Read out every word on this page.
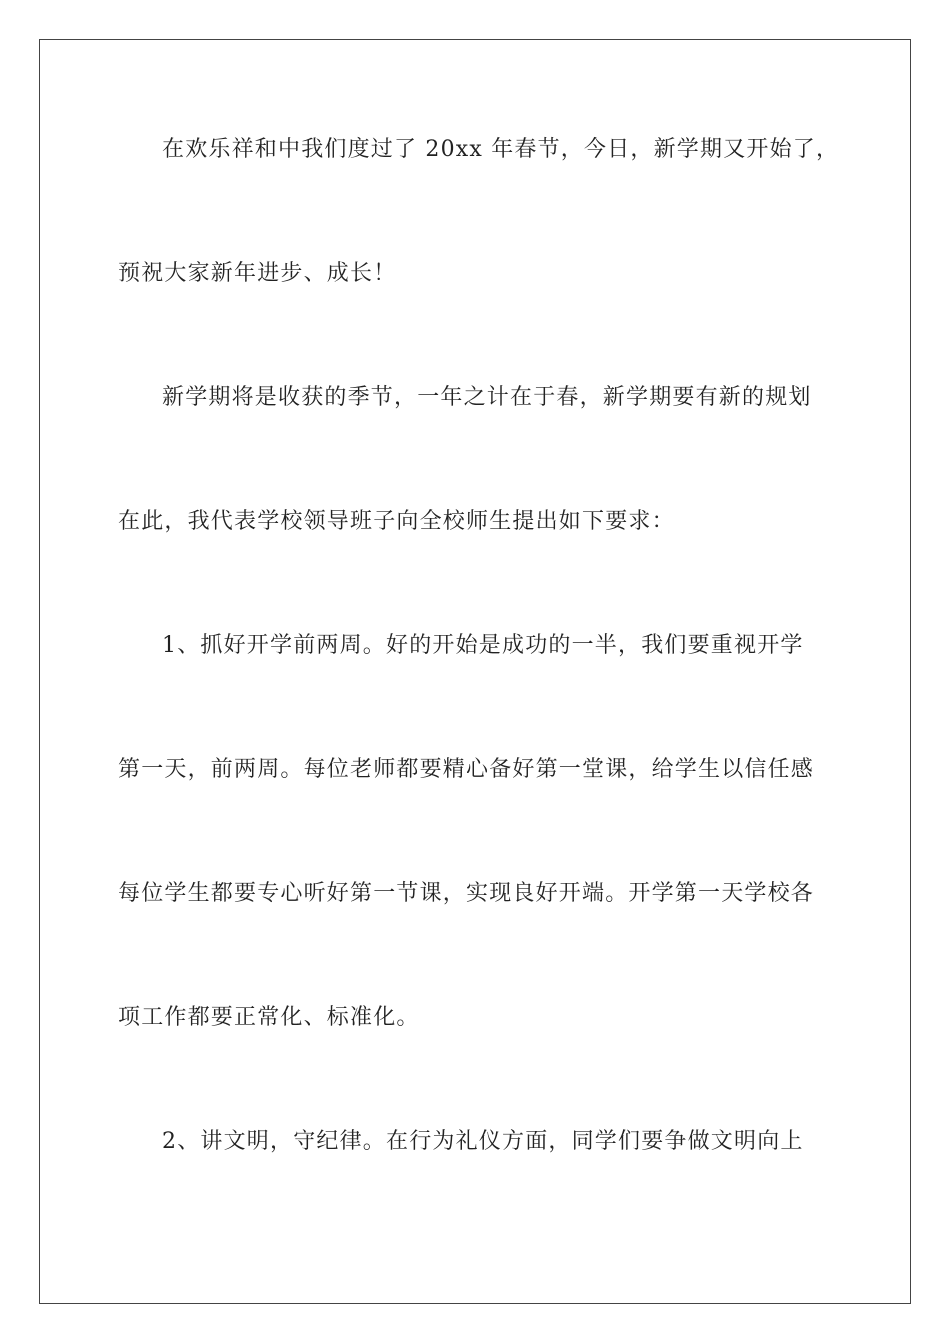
在欢乐祥和中我们度过了 20xx 年春节，今日，新学期又开始了，
预祝大家新年进步、成长！
新学期将是收获的季节，一年之计在于春，新学期要有新的规划
在此，我代表学校领导班子向全校师生提出如下要求：
1、抓好开学前两周。好的开始是成功的一半，我们要重视开学
第一天，前两周。每位老师都要精心备好第一堂课，给学生以信任感
每位学生都要专心听好第一节课，实现良好开端。开学第一天学校各
项工作都要正常化、标准化。
2、讲文明，守纪律。在行为礼仪方面，同学们要争做文明向上
